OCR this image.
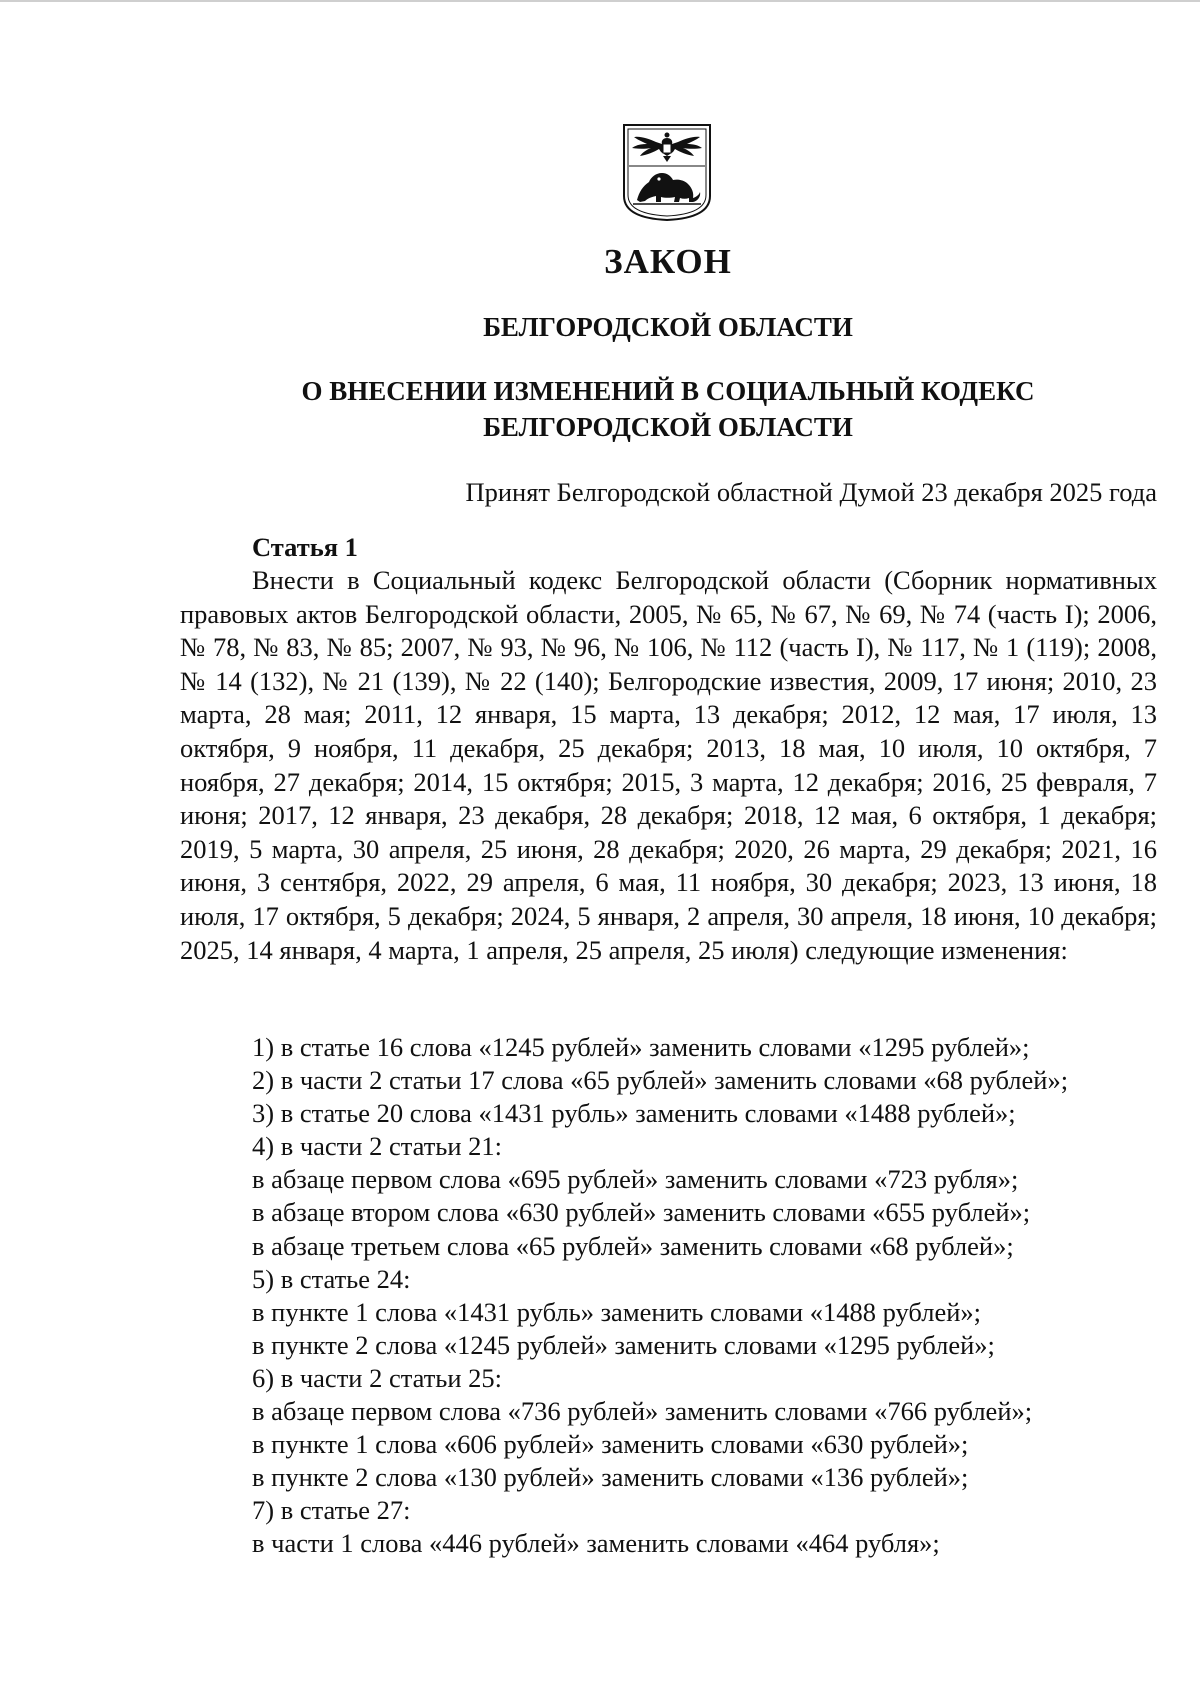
ЗАКОН
БЕЛГОРОДСКОЙ ОБЛАСТИ
О ВНЕСЕНИИ ИЗМЕНЕНИЙ В СОЦИАЛЬНЫЙ КОДЕКС
БЕЛГОРОДСКОЙ ОБЛАСТИ
Принят Белгородской областной Думой 23 декабря 2025 года
Статья 1

Внести в Социальный кодекс Белгородской области (Сборник нормативных правовых актов Белгородской области, 2005, № 65, № 67, № 69, № 74 (часть I); 2006, № 78, № 83, № 85; 2007, № 93, № 96, № 106, № 112 (часть I), № 117, № 1 (119); 2008, № 14 (132), № 21 (139), № 22 (140); Белгородские известия, 2009, 17 июня; 2010, 23 марта, 28 мая; 2011, 12 января, 15 марта, 13 декабря; 2012, 12 мая, 17 июля, 13 октября, 9 ноября, 11 декабря, 25 декабря; 2013, 18 мая, 10 июля, 10 октября, 7 ноября, 27 декабря; 2014, 15 октября; 2015, 3 марта, 12 декабря; 2016, 25 февраля, 7 июня; 2017, 12 января, 23 декабря, 28 декабря; 2018, 12 мая, 6 октября, 1 декабря; 2019, 5 марта, 30 апреля, 25 июня, 28 декабря; 2020, 26 марта, 29 декабря; 2021, 16 июня, 3 сентября, 2022, 29 апреля, 6 мая, 11 ноября, 30 декабря; 2023, 13 июня, 18 июля, 17 октября, 5 декабря; 2024, 5 января, 2 апреля, 30 апреля, 18 июня, 10 декабря; 2025, 14 января, 4 марта, 1 апреля, 25 апреля, 25 июля) следующие изменения:

1) в статье 16 слова «1245 рублей» заменить словами «1295 рублей»;
2) в части 2 статьи 17 слова «65 рублей» заменить словами «68 рублей»;
3) в статье 20 слова «1431 рубль» заменить словами «1488 рублей»;
4) в части 2 статьи 21:
в абзаце первом слова «695 рублей» заменить словами «723 рубля»;
в абзаце втором слова «630 рублей» заменить словами «655 рублей»;
в абзаце третьем слова «65 рублей» заменить словами «68 рублей»;
5) в статье 24:
в пункте 1 слова «1431 рубль» заменить словами «1488 рублей»;
в пункте 2 слова «1245 рублей» заменить словами «1295 рублей»;
6) в части 2 статьи 25:
в абзаце первом слова «736 рублей» заменить словами «766 рублей»;
в пункте 1 слова «606 рублей» заменить словами «630 рублей»;
в пункте 2 слова «130 рублей» заменить словами «136 рублей»;
7) в статье 27:
в части 1 слова «446 рублей» заменить словами «464 рубля»;
